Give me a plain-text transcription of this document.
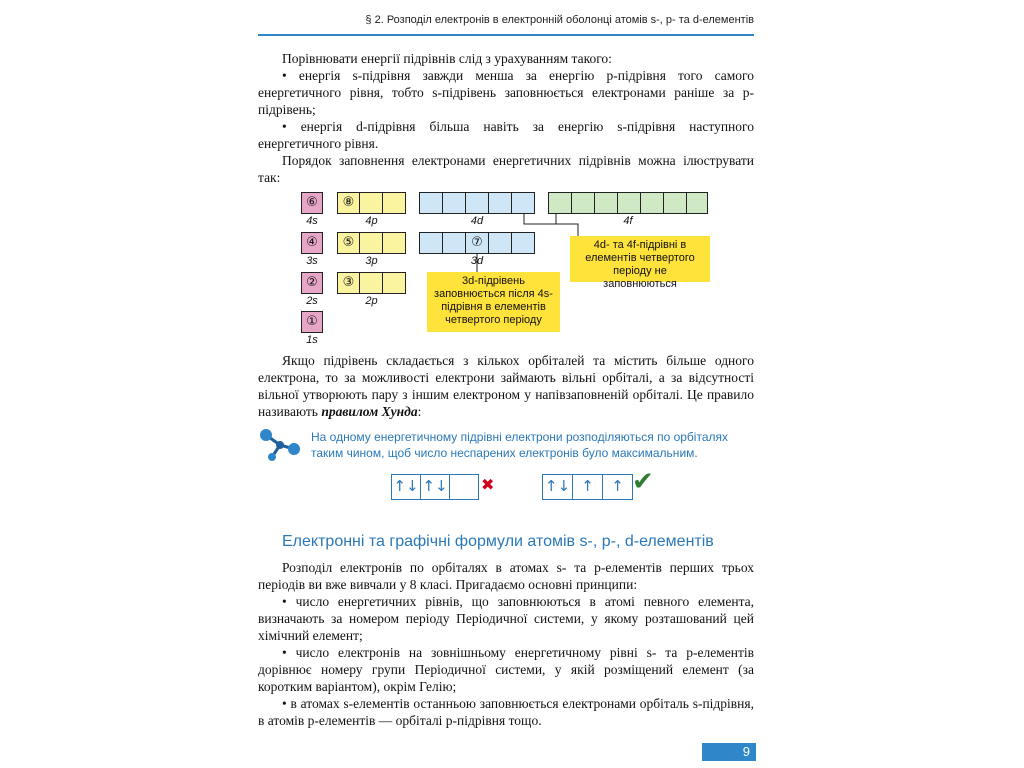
§ 2. Розподіл електронів в електронній оболонці атомів s-, p- та d-елементів
Порівнювати енергії підрівнів слід з урахуванням такого:
• енергія s-підрівня завжди менша за енергію p-підрівня того самого енергетичного рівня, тобто s-підрівень заповнюється електронами раніше за p-підрівень;
• енергія d-підрівня більша навіть за енергію s-підрівня наступного енергетичного рівня.
Порядок заповнення електронами енергетичних підрівнів можна ілюструвати так:
⑥
4s
④
3s
②
2s
①
1s
⑧
4p
⑤
3p
③
2p
4d
⑦
3d
4f
4d- та 4f-підрівні в елементів четвертого періоду не заповнюються
3d-підрівень заповнюється після 4s-підрівня в елементів четвертого періоду
Якщо підрівень складається з кількох орбіталей та містить більше одного електрона, то за можливості електрони займають вільні орбіталі, а за відсутності вільної утворюють пару з іншим електроном у напівзаповненій орбіталі. Це правило називають правилом Хунда:
На одному енергетичному підрівні електрони розподіляються по орбіталях таким чином, щоб число неспарених електронів було максимальним.
↑↓ ↑↓ ✖	↑↓ ↑	↑ ✔
Електронні та графічні формули атомів s-, p-, d-елементів
Розподіл електронів по орбіталях в атомах s- та p-елементів перших трьох періодів ви вже вивчали у 8 класі. Пригадаємо основні принципи:
• число енергетичних рівнів, що заповнюються в атомі певного елемента, визначають за номером періоду Періодичної системи, у якому розташований цей хімічний елемент;
• число електронів на зовнішньому енергетичному рівні s- та p-елементів дорівнює номеру групи Періодичної системи, у якій розміщений елемент (за коротким варіантом), окрім Гелію;
• в атомах s-елементів останньою заповнюється електронами орбіталь s-підрівня, в атомів p-елементів — орбіталі p-підрівня тощо.
9
